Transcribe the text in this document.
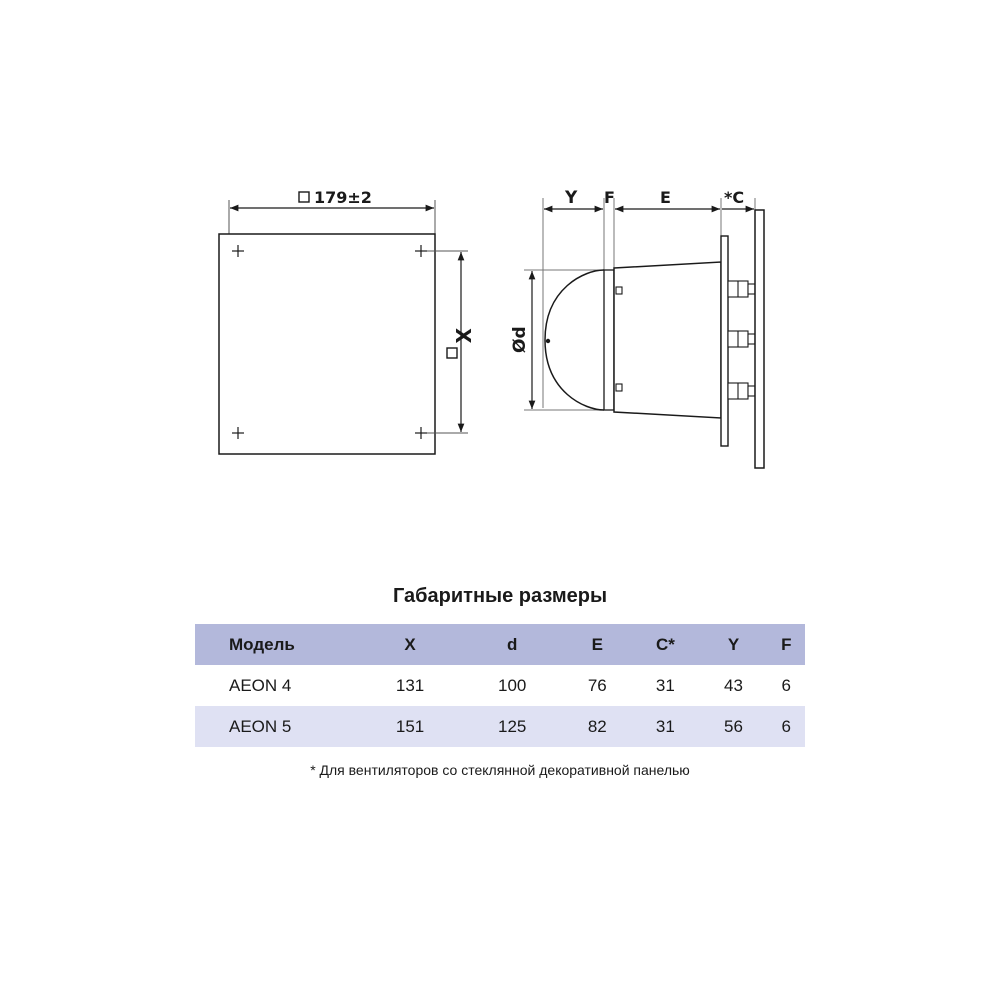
179±2
X
Y F	E	*C
Ød
Габаритные размеры
Модель	X	d	E	C*	Y	F
AEON 4	131	100	76	31	43	6
AEON 5	151	125	82	31	56	6

* Для вентиляторов со стеклянной декоративной панелью
